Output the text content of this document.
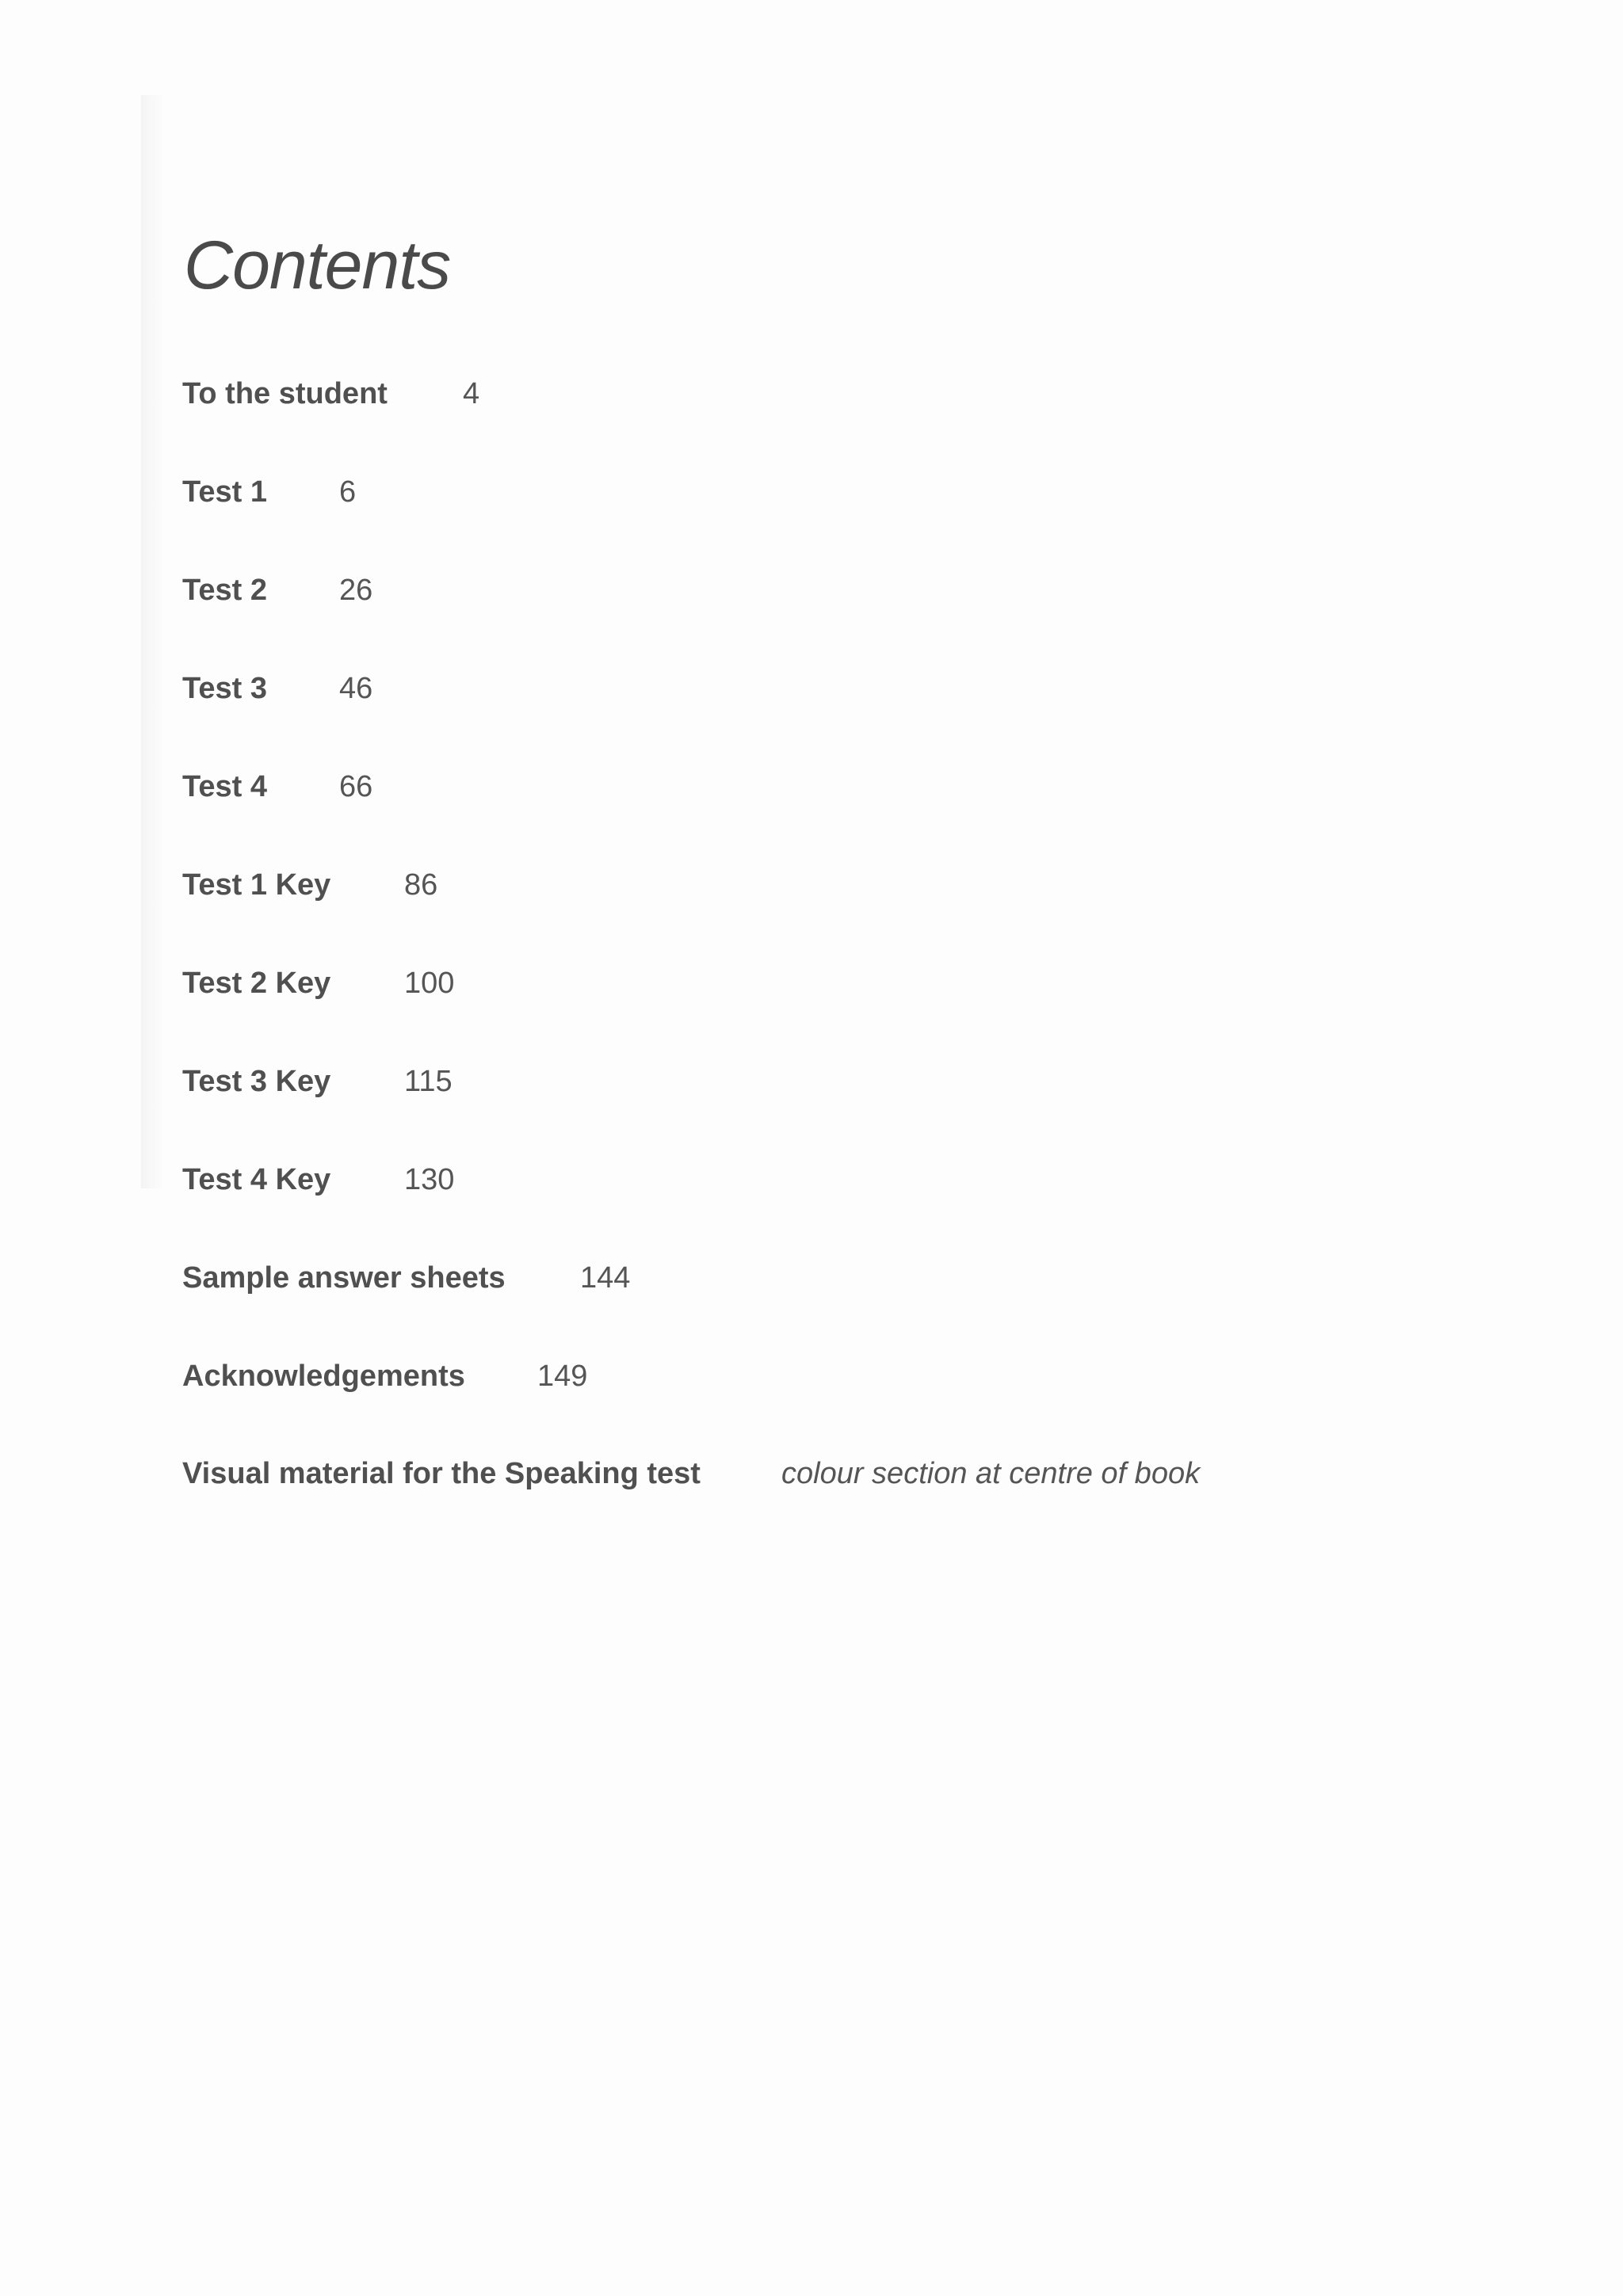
Contents
To the student	4
Test 1 6
Test 2 26
Test 3 46
Test 4 66
Test 1 Key 86
Test 2 Key 100
Test 3 Key 115
Test 4 Key 130
Sample answer sheets 144
Acknowledgements 149
Visual material for the Speaking test	colour section at centre of book
